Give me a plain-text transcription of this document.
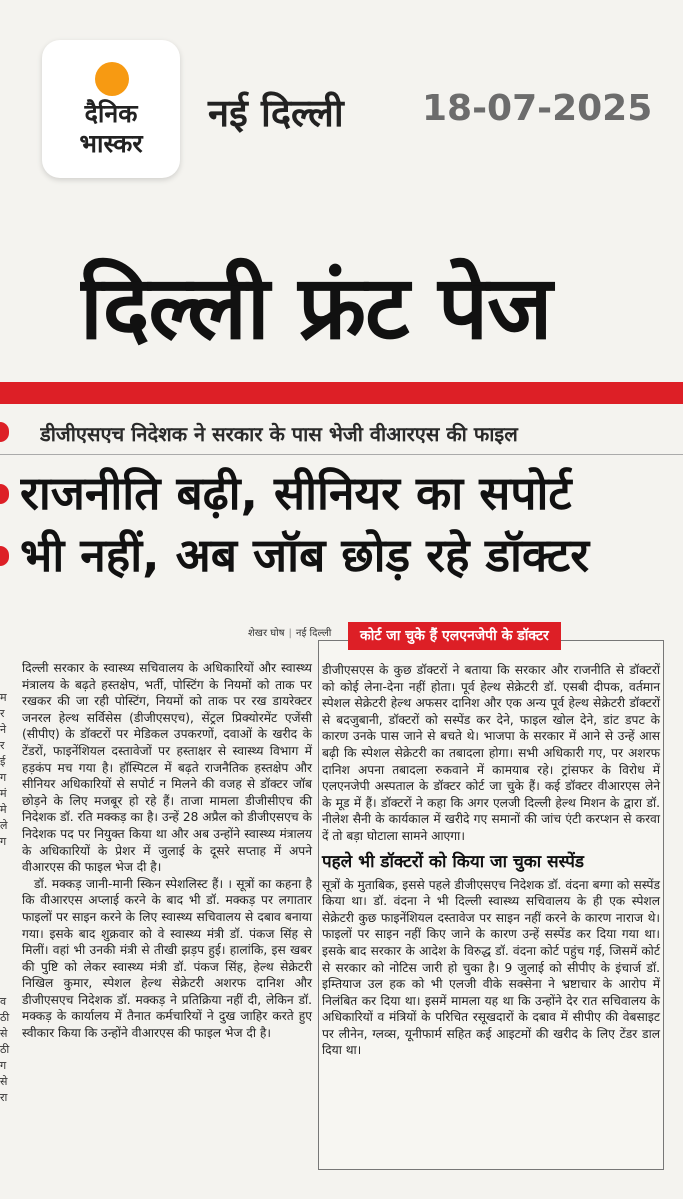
दैनिक
भास्कर
नई दिल्ली 18-07-2025
दिल्ली फ्रंट पेज
डीजीएसएच निदेशक ने सरकार के पास भेजी वीआरएस की फाइल
राजनीति बढ़ी, सीनियर का सपोर्ट
भी नहीं, अब जॉब छोड़ रहे डॉक्टर
शेखर घोष | नई दिल्ली
म
र
ने
र
ई
ग
मं
मे
ले
ग
व
ठी
से
ठी
ग
से
रा

दिल्ली सरकार के स्वास्थ्य सचिवालय के अधिकारियों और स्वास्थ्य मंत्रालय के बढ़ते हस्तक्षेप, भर्ती, पोस्टिंग के नियमों को ताक पर रखकर की जा रही पोस्टिंग, नियमों को ताक पर रख डायरेक्टर जनरल हेल्थ सर्विसेस (डीजीएसएच), सेंट्रल प्रिक्योरमेंट एजेंसी (सीपीए) के डॉक्टरों पर मेडिकल उपकरणों, दवाओं के खरीद के टेंडरों, फाइनेंशियल दस्तावेजों पर हस्ताक्षर से स्वास्थ्य विभाग में हड़कंप मच गया है। हॉस्पिटल में बढ़ते राजनैतिक हस्तक्षेप और सीनियर अधिकारियों से सपोर्ट न मिलने की वजह से डॉक्टर जॉब छोड़ने के लिए मजबूर हो रहे हैं। ताजा मामला डीजीसीएच की निदेशक डॉ. रति मक्कड़ का है। उन्हें 28 अप्रैल को डीजीएसएच के निदेशक पद पर नियुक्त किया था और अब उन्होंने स्वास्थ्य मंत्रालय के अधिकारियों के प्रेशर में जुलाई के दूसरे सप्ताह में अपने वीआरएस की फाइल भेज दी है।

डॉ. मक्कड़ जानी-मानी स्किन स्पेशलिस्ट हैं। । सूत्रों का कहना है कि वीआरएस अप्लाई करने के बाद भी डॉ. मक्कड़ पर लगातार फाइलों पर साइन करने के लिए स्वास्थ्य सचिवालय से दबाव बनाया गया। इसके बाद शुक्रवार को वे स्वास्थ्य मंत्री डॉ. पंकज सिंह से मिलीं। वहां भी उनकी मंत्री से तीखी झड़प हुई। हालांकि, इस खबर की पुष्टि को लेकर स्वास्थ्य मंत्री डॉ. पंकज सिंह, हेल्थ सेक्रेटरी निखिल कुमार, स्पेशल हेल्थ सेक्रेटरी अशरफ दानिश और डीजीएसएच निदेशक डॉ. मक्कड़ ने प्रतिक्रिया नहीं दी, लेकिन डॉ. मक्कड़ के कार्यालय में तैनात कर्मचारियों ने दुख जाहिर करते हुए स्वीकार किया कि उन्होंने वीआरएस की फाइल भेज दी है।

कोर्ट जा चुके हैं एलएनजेपी के डॉक्टर

डीजीएसएस के कुछ डॉक्टरों ने बताया कि सरकार और राजनीति से डॉक्टरों को कोई लेना-देना नहीं होता। पूर्व हेल्थ सेक्रेटरी डॉ. एसबी दीपक, वर्तमान स्पेशल सेक्रेटरी हेल्थ अफसर दानिश और एक अन्य पूर्व हेल्थ सेक्रेटरी डॉक्टरों से बदजुबानी, डॉक्टरों को सस्पेंड कर देने, फाइल खोल देने, डांट डपट के कारण उनके पास जाने से बचते थे। भाजपा के सरकार में आने से उन्हें आस बढ़ी कि स्पेशल सेक्रेटरी का तबादला होगा। सभी अधिकारी गए, पर अशरफ दानिश अपना तबादला रुकवाने में कामयाब रहे। ट्रांसफर के विरोध में एलएनजेपी अस्पताल के डॉक्टर कोर्ट जा चुके हैं। कई डॉक्टर वीआरएस लेने के मूड में हैं। डॉक्टरों ने कहा कि अगर एलजी दिल्ली हेल्थ मिशन के द्वारा डॉ. नीलेश सैनी के कार्यकाल में खरीदे गए समानों की जांच एंटी करप्शन से करवा दें तो बड़ा घोटाला सामने आएगा।

पहले भी डॉक्टरों को किया जा चुका सस्पेंड

सूत्रों के मुताबिक, इससे पहले डीजीएसएच निदेशक डॉ. वंदना बग्गा को सस्पेंड किया था। डॉ. वंदना ने भी दिल्ली स्वास्थ्य सचिवालय के ही एक स्पेशल सेक्रेटरी कुछ फाइनेंशियल दस्तावेज पर साइन नहीं करने के कारण नाराज थे। फाइलों पर साइन नहीं किए जाने के कारण उन्हें सस्पेंड कर दिया गया था। इसके बाद सरकार के आदेश के विरुद्ध डॉ. वंदना कोर्ट पहुंच गई, जिसमें कोर्ट से सरकार को नोटिस जारी हो चुका है। 9 जुलाई को सीपीए के इंचार्ज डॉ. इम्तियाज उल हक को भी एलजी वीके सक्सेना ने भ्रष्टाचार के आरोप में निलंबित कर दिया था। इसमें मामला यह था कि उन्होंने देर रात सचिवालय के अधिकारियों व मंत्रियों के परिचित रसूखदारों के दबाव में सीपीए की वेबसाइट पर लीनेन, ग्लव्स, यूनीफार्म सहित कई आइटमों की खरीद के लिए टेंडर डाल दिया था।
